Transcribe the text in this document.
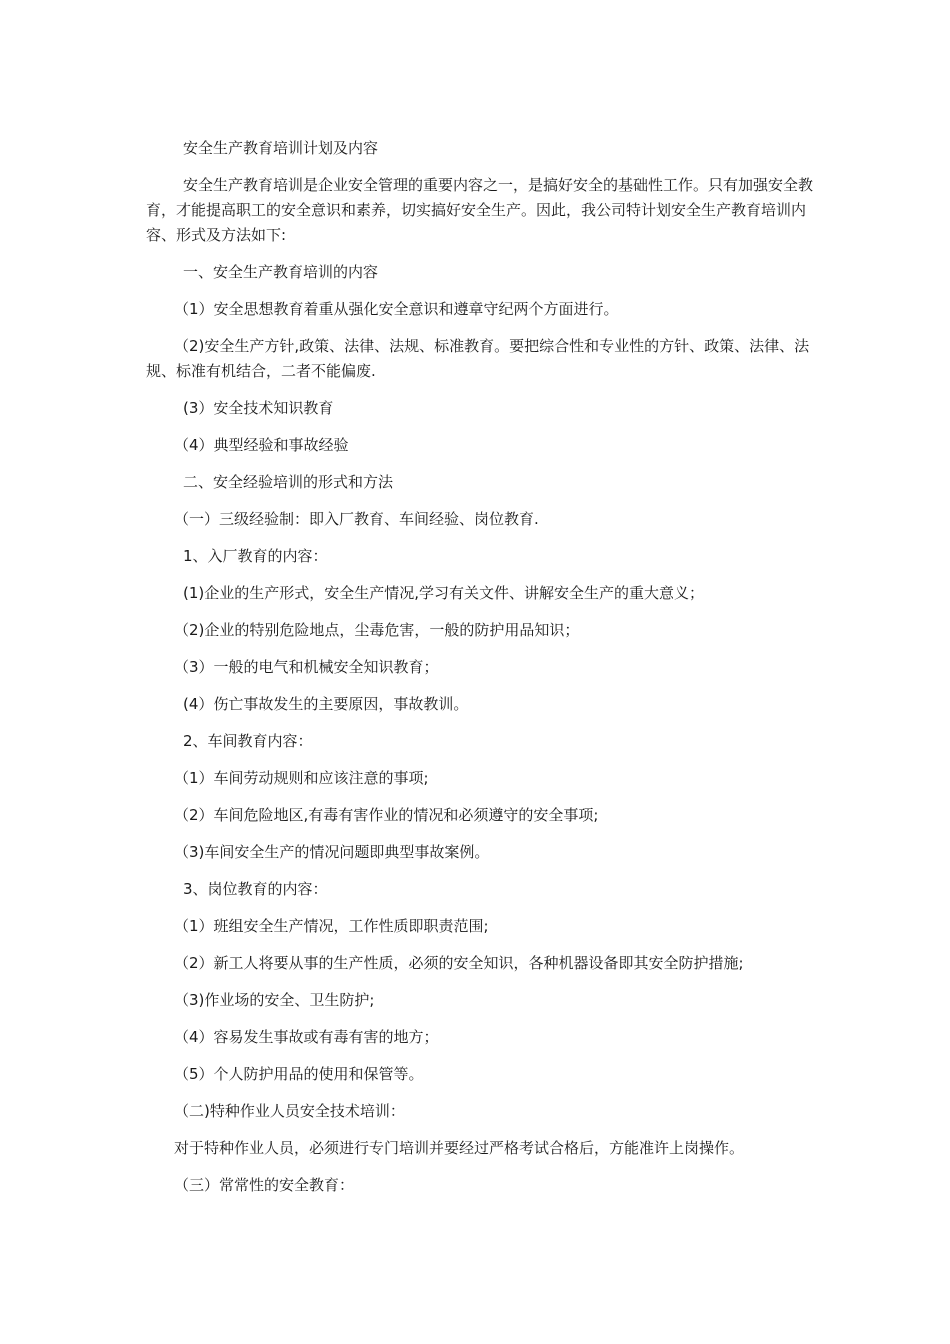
安全生产教育培训计划及内容

安全生产教育培训是企业安全管理的重要内容之一，是搞好安全的基础性工作。只有加强安全教育，才能提高职工的安全意识和素养，切实搞好安全生产。因此，我公司特计划安全生产教育培训内容、形式及方法如下:

一、安全生产教育培训的内容

（1）安全思想教育着重从强化安全意识和遵章守纪两个方面进行。

（2)安全生产方针,政策、法律、法规、标准教育。要把综合性和专业性的方针、政策、法律、法规、标准有机结合，二者不能偏废.

(3）安全技术知识教育

（4）典型经验和事故经验

二、安全经验培训的形式和方法

（一）三级经验制：即入厂教育、车间经验、岗位教育.

1、入厂教育的内容：

(1)企业的生产形式，安全生产情况,学习有关文件、讲解安全生产的重大意义；

（2)企业的特别危险地点，尘毒危害，一般的防护用品知识；

（3）一般的电气和机械安全知识教育；

(4）伤亡事故发生的主要原因，事故教训。

2、车间教育内容：

（1）车间劳动规则和应该注意的事项;

（2）车间危险地区,有毒有害作业的情况和必须遵守的安全事项;

（3)车间安全生产的情况问题即典型事故案例。

3、岗位教育的内容：

（1）班组安全生产情况，工作性质即职责范围;

（2）新工人将要从事的生产性质，必须的安全知识，各种机器设备即其安全防护措施;

（3)作业场的安全、卫生防护;

（4）容易发生事故或有毒有害的地方；

（5）个人防护用品的使用和保管等。

（二)特种作业人员安全技术培训：

对于特种作业人员，必须进行专门培训并要经过严格考试合格后，方能准许上岗操作。

（三）常常性的安全教育：
